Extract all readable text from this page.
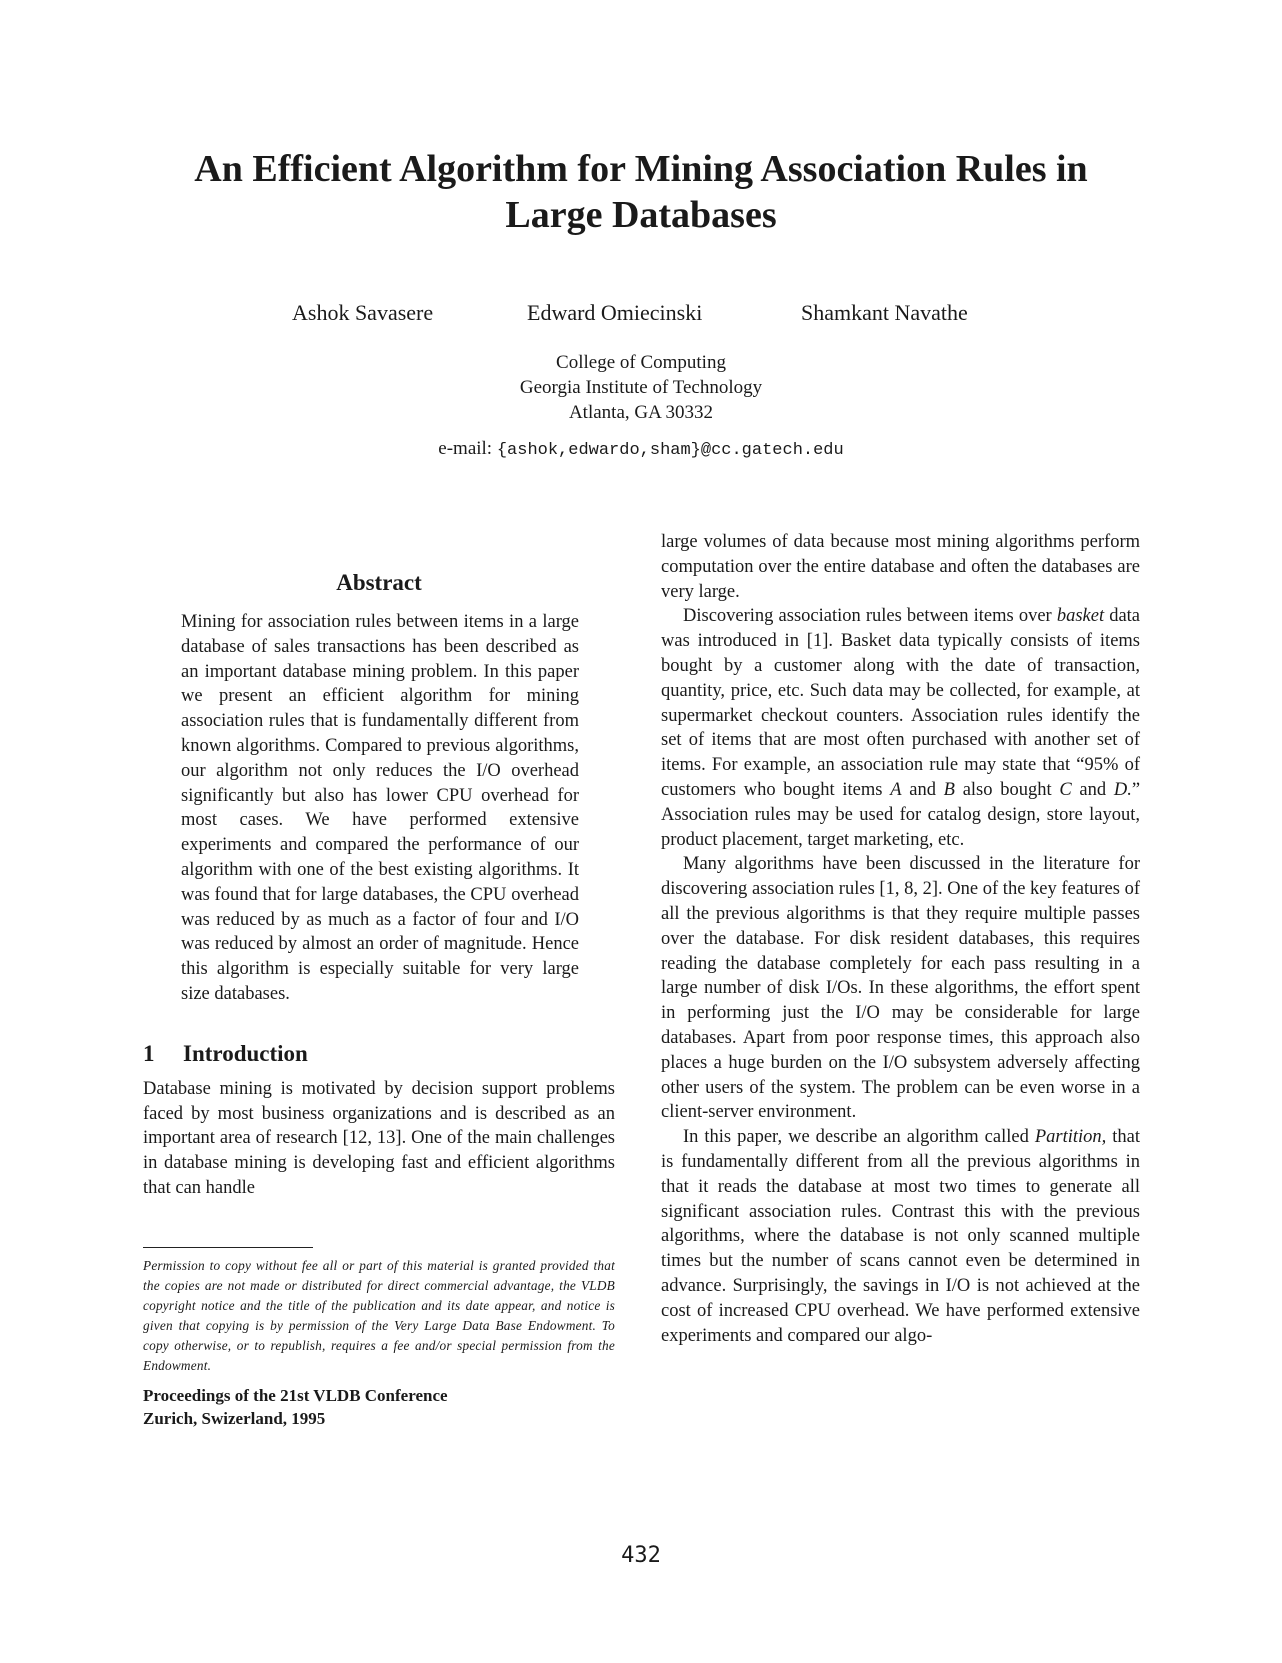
An Efficient Algorithm for Mining Association Rules in
Large Databases
Ashok Savasere	Edward Omiecinski	Shamkant Navathe
College of Computing
Georgia Institute of Technology
Atlanta, GA 30332
e-mail: {ashok,edwardo,sham}@cc.gatech.edu
Abstract

Mining for association rules between items in a large database of sales transactions has been described as an important database mining problem. In this paper we present an efficient algorithm for mining association rules that is fundamentally different from known algorithms. Compared to previous algorithms, our algorithm not only reduces the I/O overhead significantly but also has lower CPU overhead for most cases. We have performed extensive experiments and compared the performance of our algorithm with one of the best existing algorithms. It was found that for large databases, the CPU overhead was reduced by as much as a factor of four and I/O was reduced by almost an order of magnitude. Hence this algorithm is especially suitable for very large size databases.

1 Introduction

Database mining is motivated by decision support problems faced by most business organizations and is described as an important area of research [12, 13]. One of the main challenges in database mining is developing fast and efficient algorithms that can handle

Permission to copy without fee all or part of this material is granted provided that the copies are not made or distributed for direct commercial advantage, the VLDB copyright notice and the title of the publication and its date appear, and notice is given that copying is by permission of the Very Large Data Base Endowment. To copy otherwise, or to republish, requires a fee and/or special permission from the Endowment.

Proceedings of the 21st VLDB Conference
Zurich, Swizerland, 1995

large volumes of data because most mining algorithms perform computation over the entire database and often the databases are very large.

Discovering association rules between items over basket data was introduced in [1]. Basket data typically consists of items bought by a customer along with the date of transaction, quantity, price, etc. Such data may be collected, for example, at supermarket checkout counters. Association rules identify the set of items that are most often purchased with another set of items. For example, an association rule may state that “95% of customers who bought items A and B also bought C and D.” Association rules may be used for catalog design, store layout, product placement, target marketing, etc.

Many algorithms have been discussed in the literature for discovering association rules [1, 8, 2]. One of the key features of all the previous algorithms is that they require multiple passes over the database. For disk resident databases, this requires reading the database completely for each pass resulting in a large number of disk I/Os. In these algorithms, the effort spent in performing just the I/O may be considerable for large databases. Apart from poor response times, this approach also places a huge burden on the I/O subsystem adversely affecting other users of the system. The problem can be even worse in a client-server environment.

In this paper, we describe an algorithm called Partition, that is fundamentally different from all the previous algorithms in that it reads the database at most two times to generate all significant association rules. Contrast this with the previous algorithms, where the database is not only scanned multiple times but the number of scans cannot even be determined in advance. Surprisingly, the savings in I/O is not achieved at the cost of increased CPU overhead. We have performed extensive experiments and compared our algo-

432
